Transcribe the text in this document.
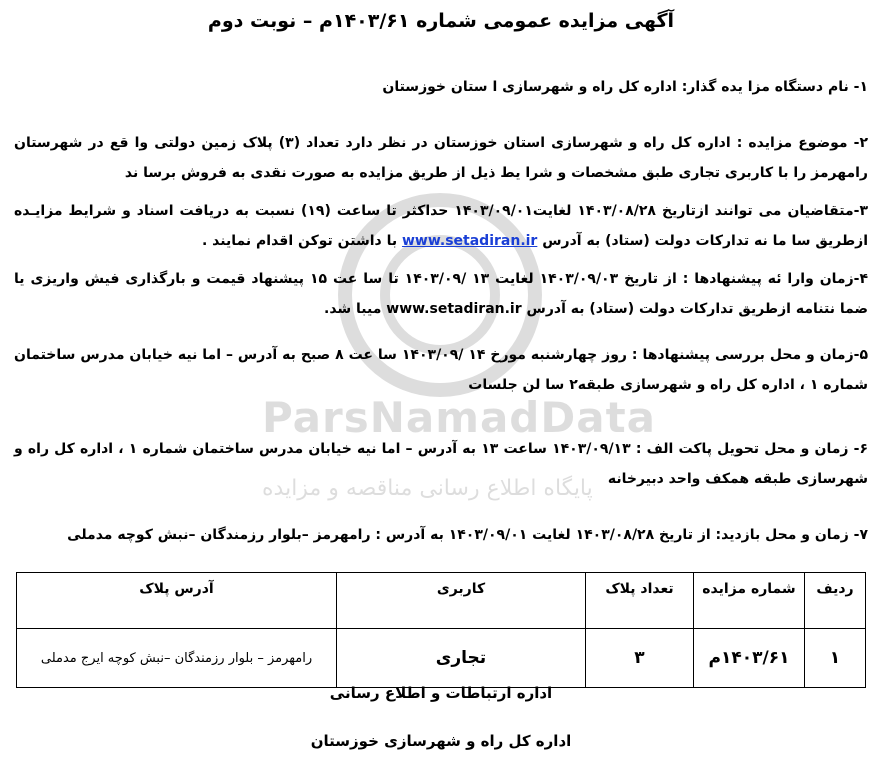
ParsNamadData
پایگاه اطلاع رسانی مناقصه و مزایده
آگهی مزایده عمومی شماره ۱۴۰۳/۶۱م – نوبت دوم
۱- نام دستگاه مزا یده گذار: اداره کل راه و شهرسازی ا ستان خوزستان
۲- موضوع مزایده : اداره کل راه و شهرسازی استان خوزستان در نظر دارد تعداد (۳) پلاک زمین دولتی وا قع در شهرستان رامهرمز را با کاربری تجاری طبق مشخصات و شرا یط ذیل از طریق مزایده به صورت نقدی به فروش برسا ند
۳-متقاضیان می توانند ازتاریخ ۱۴۰۳/۰۸/۲۸ لغایت۱۴۰۳/۰۹/۰۱ حداکثر تا ساعت (۱۹) نسبت به دریافت اسناد و شرایط مزایـده ازطریق سا ما نه تدارکات دولت (ستاد) به آدرس www.setadiran.ir با داشتن توکن اقدام نمایند .
۴-زمان وارا ئه پیشنهادها : از تاریخ ۱۴۰۳/۰۹/۰۳ لغایت ۱۳ /۱۴۰۳/۰۹ تا سا عت ۱۵ پیشنهاد قیمت و بارگذاری فیش واریزی یا ضما نتنامه ازطریق تدارکات دولت (ستاد) به آدرس www.setadiran.ir میبا شد.
۵-زمان و محل بررسی پیشنهادها : روز چهارشنبه مورخ ۱۴ /۱۴۰۳/۰۹ سا عت ۸ صبح به آدرس – اما نیه خیابان مدرس ساختمان شماره ۱ ، اداره کل راه و شهرسازی طبقه۲ سا لن جلسات
۶- زمان و محل تحویل پاکت الف : ۱۴۰۳/۰۹/۱۳ ساعت ۱۳ به آدرس – اما نیه خیابان مدرس ساختمان شماره ۱ ، اداره کل راه و شهرسازی طبقه همکف واحد دبیرخانه
۷- زمان و محل بازدید: از تاریخ ۱۴۰۳/۰۸/۲۸ لغایت ۱۴۰۳/۰۹/۰۱ به آدرس : رامهرمز –بلوار رزمندگان –نبش کوچه مدملی
ردیف	شماره مزایده	تعداد پلاک	کاربری	آدرس پلاک
۱	۱۴۰۳/۶۱م	۳	تجاری	رامهرمز – بلوار رزمندگان –نبش کوچه ایرج مدملی
اداره ارتباطات و اطلاع رسانی
اداره کل راه و شهرسازی خوزستان
